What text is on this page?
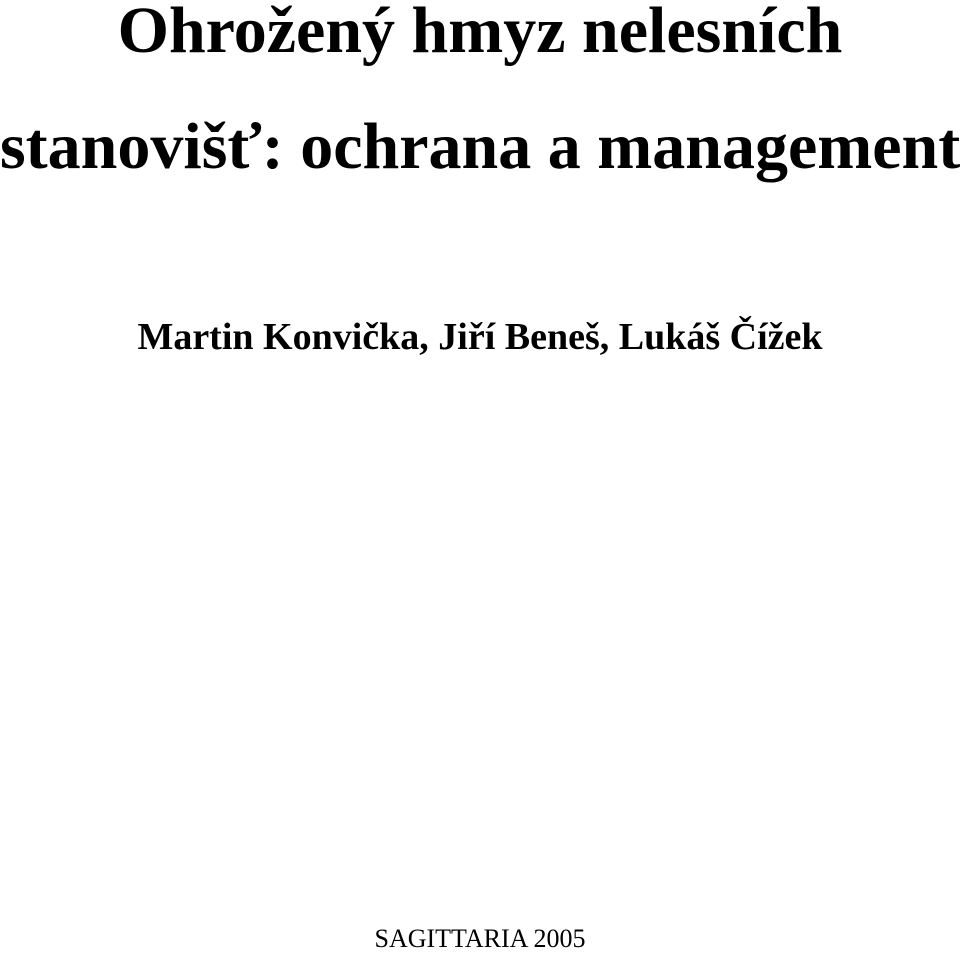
Ohrožený hmyz nelesních
stanovišť: ochrana a management
Martin Konvička, Jiří Beneš, Lukáš Čížek
SAGITTARIA 2005
